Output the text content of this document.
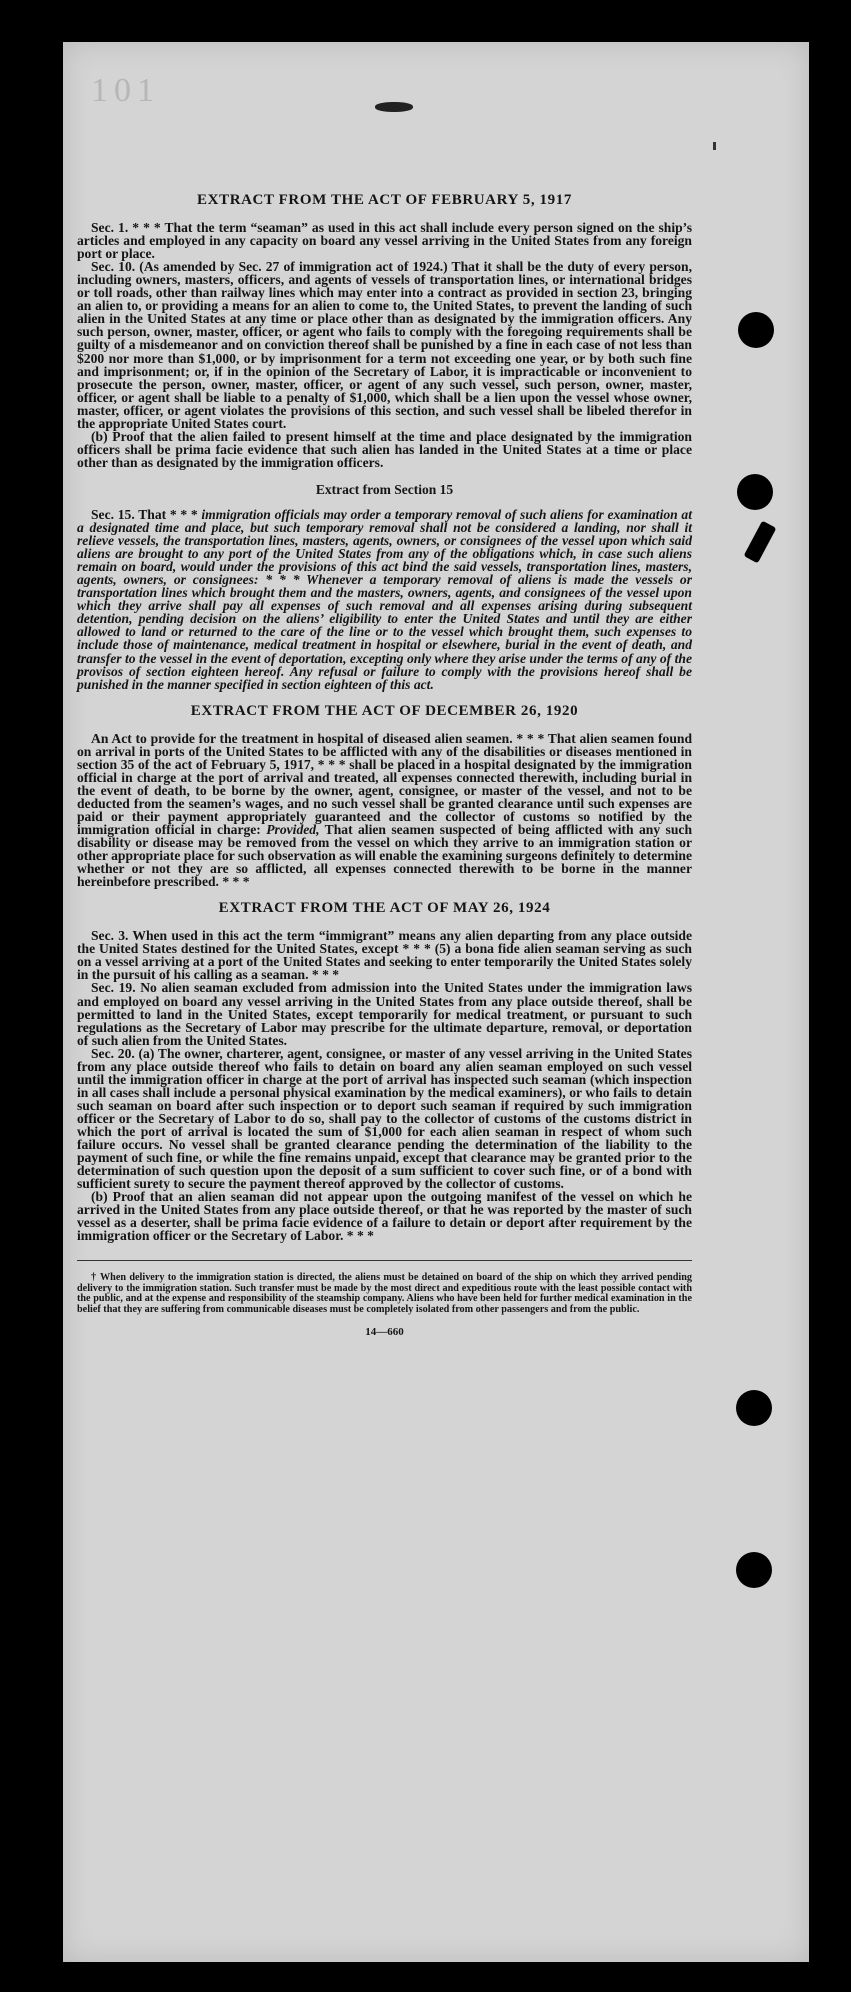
101
EXTRACT FROM THE ACT OF FEBRUARY 5, 1917

Sec. 1. * * * That the term “seaman” as used in this act shall include every person signed on the ship’s articles and employed in any capacity on board any vessel arriving in the United States from any foreign port or place.

Sec. 10. (As amended by Sec. 27 of immigration act of 1924.) That it shall be the duty of every person, including owners, masters, officers, and agents of vessels of transportation lines, or international bridges or toll roads, other than railway lines which may enter into a contract as provided in section 23, bringing an alien to, or providing a means for an alien to come to, the United States, to prevent the landing of such alien in the United States at any time or place other than as designated by the immigration officers. Any such person, owner, master, officer, or agent who fails to comply with the foregoing requirements shall be guilty of a misdemeanor and on conviction thereof shall be punished by a fine in each case of not less than $200 nor more than $1,000, or by imprisonment for a term not exceeding one year, or by both such fine and imprisonment; or, if in the opinion of the Secretary of Labor, it is impracticable or inconvenient to prosecute the person, owner, master, officer, or agent of any such vessel, such person, owner, master, officer, or agent shall be liable to a penalty of $1,000, which shall be a lien upon the vessel whose owner, master, officer, or agent violates the provisions of this section, and such vessel shall be libeled therefor in the appropriate United States court.

(b) Proof that the alien failed to present himself at the time and place designated by the immigration officers shall be prima facie evidence that such alien has landed in the United States at a time or place other than as designated by the immigration officers.

Extract from Section 15

Sec. 15. That * * * immigration officials may order a temporary removal of such aliens for examination at a designated time and place, but such temporary removal shall not be considered a landing, nor shall it relieve vessels, the transportation lines, masters, agents, owners, or consignees of the vessel upon which said aliens are brought to any port of the United States from any of the obligations which, in case such aliens remain on board, would under the provisions of this act bind the said vessels, transportation lines, masters, agents, owners, or consignees: * * * Whenever a temporary removal of aliens is made the vessels or transportation lines which brought them and the masters, owners, agents, and consignees of the vessel upon which they arrive shall pay all expenses of such removal and all expenses arising during subsequent detention, pending decision on the aliens’ eligibility to enter the United States and until they are either allowed to land or returned to the care of the line or to the vessel which brought them, such expenses to include those of maintenance, medical treatment in hospital or elsewhere, burial in the event of death, and transfer to the vessel in the event of deportation, excepting only where they arise under the terms of any of the provisos of section eighteen hereof. Any refusal or failure to comply with the provisions hereof shall be punished in the manner specified in section eighteen of this act.

EXTRACT FROM THE ACT OF DECEMBER 26, 1920

An Act to provide for the treatment in hospital of diseased alien seamen. * * * That alien seamen found on arrival in ports of the United States to be afflicted with any of the disabilities or diseases mentioned in section 35 of the act of February 5, 1917, * * * shall be placed in a hospital designated by the immigration official in charge at the port of arrival and treated, all expenses connected therewith, including burial in the event of death, to be borne by the owner, agent, consignee, or master of the vessel, and not to be deducted from the seamen’s wages, and no such vessel shall be granted clearance until such expenses are paid or their payment appropriately guaranteed and the collector of customs so notified by the immigration official in charge: Provided, That alien seamen suspected of being afflicted with any such disability or disease may be removed from the vessel on which they arrive to an immigration station or other appropriate place for such observation as will enable the examining surgeons definitely to determine whether or not they are so afflicted, all expenses connected therewith to be borne in the manner hereinbefore prescribed. * * *

EXTRACT FROM THE ACT OF MAY 26, 1924

Sec. 3. When used in this act the term “immigrant” means any alien departing from any place outside the United States destined for the United States, except * * * (5) a bona fide alien seaman serving as such on a vessel arriving at a port of the United States and seeking to enter temporarily the United States solely in the pursuit of his calling as a seaman. * * *

Sec. 19. No alien seaman excluded from admission into the United States under the immigration laws and employed on board any vessel arriving in the United States from any place outside thereof, shall be permitted to land in the United States, except temporarily for medical treatment, or pursuant to such regulations as the Secretary of Labor may prescribe for the ultimate departure, removal, or deportation of such alien from the United States.

Sec. 20. (a) The owner, charterer, agent, consignee, or master of any vessel arriving in the United States from any place outside thereof who fails to detain on board any alien seaman employed on such vessel until the immigration officer in charge at the port of arrival has inspected such seaman (which inspection in all cases shall include a personal physical examination by the medical examiners), or who fails to detain such seaman on board after such inspection or to deport such seaman if required by such immigration officer or the Secretary of Labor to do so, shall pay to the collector of customs of the customs district in which the port of arrival is located the sum of $1,000 for each alien seaman in respect of whom such failure occurs. No vessel shall be granted clearance pending the determination of the liability to the payment of such fine, or while the fine remains unpaid, except that clearance may be granted prior to the determination of such question upon the deposit of a sum sufficient to cover such fine, or of a bond with sufficient surety to secure the payment thereof approved by the collector of customs.

(b) Proof that an alien seaman did not appear upon the outgoing manifest of the vessel on which he arrived in the United States from any place outside thereof, or that he was reported by the master of such vessel as a deserter, shall be prima facie evidence of a failure to detain or deport after requirement by the immigration officer or the Secretary of Labor. * * *

† When delivery to the immigration station is directed, the aliens must be detained on board of the ship on which they arrived pending delivery to the immigration station. Such transfer must be made by the most direct and expeditious route with the least possible contact with the public, and at the expense and responsibility of the steamship company. Aliens who have been held for further medical examination in the belief that they are suffering from communicable diseases must be completely isolated from other passengers and from the public.

14—660
